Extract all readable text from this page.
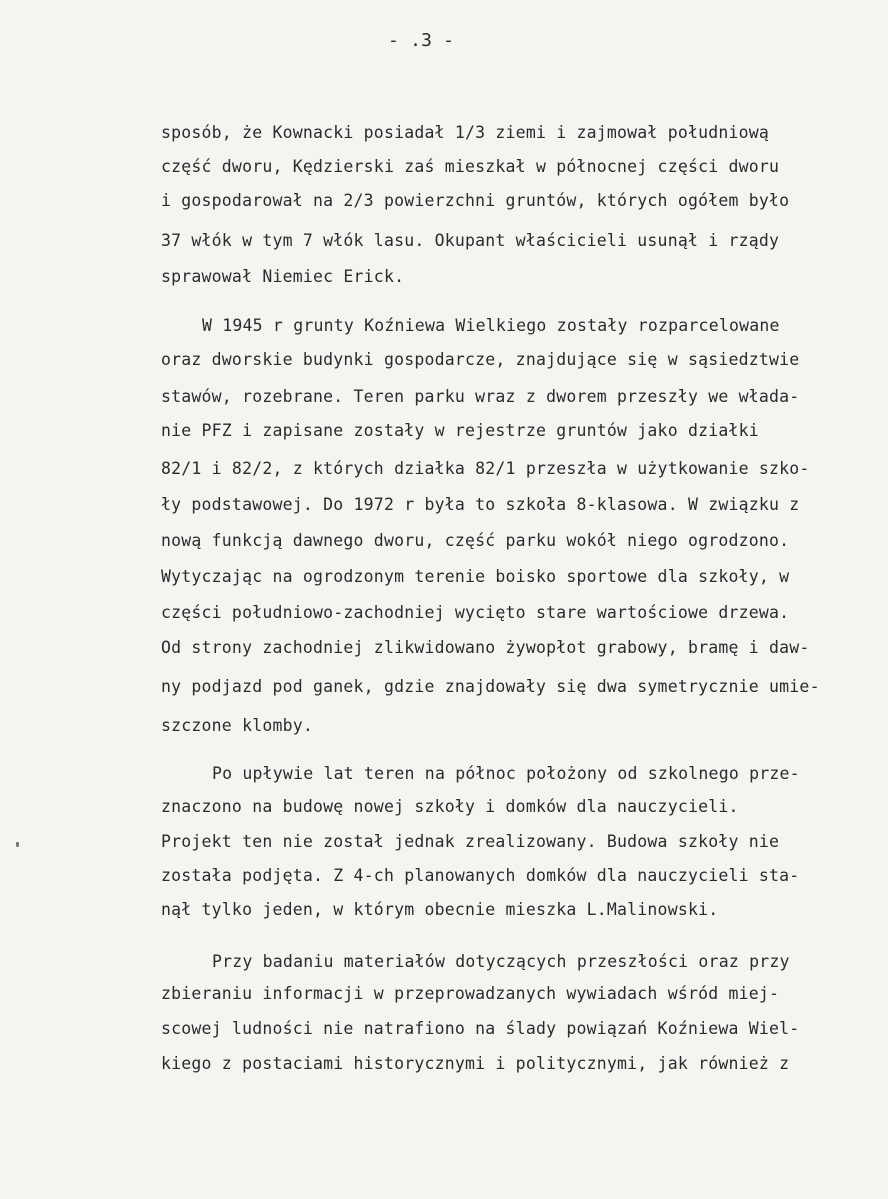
- .3 -
sposób, że Kownacki posiadał 1/3 ziemi i zajmował południową
część dworu, Kędzierski zaś mieszkał w północnej części dworu
i gospodarował na 2/3 powierzchni gruntów, których ogółem było
37 włók w tym 7 włók lasu. Okupant właścicieli usunął i rządy
sprawował Niemiec Erick.
W 1945 r grunty Koźniewa Wielkiego zostały rozparcelowane
oraz dworskie budynki gospodarcze, znajdujące się w sąsiedztwie
stawów, rozebrane. Teren parku wraz z dworem przeszły we włada-
nie PFZ i zapisane zostały w rejestrze gruntów jako działki
82/1 i 82/2, z których działka 82/1 przeszła w użytkowanie szko-
ły podstawowej. Do 1972 r była to szkoła 8-klasowa. W związku z
nową funkcją dawnego dworu, część parku wokół niego ogrodzono.
Wytyczając na ogrodzonym terenie boisko sportowe dla szkoły, w
części południowo-zachodniej wycięto stare wartościowe drzewa.
Od strony zachodniej zlikwidowano żywopłot grabowy, bramę i daw-
ny podjazd pod ganek, gdzie znajdowały się dwa symetrycznie umie-
szczone klomby.
Po upływie lat teren na północ położony od szkolnego prze-
znaczono na budowę nowej szkoły i domków dla nauczycieli.
Projekt ten nie został jednak zrealizowany. Budowa szkoły nie
została podjęta. Z 4-ch planowanych domków dla nauczycieli sta-
nął tylko jeden, w którym obecnie mieszka L.Malinowski.
Przy badaniu materiałów dotyczących przeszłości oraz przy
zbieraniu informacji w przeprowadzanych wywiadach wśród miej-
scowej ludności nie natrafiono na ślady powiązań Koźniewa Wiel-
kiego z postaciami historycznymi i politycznymi, jak również z
